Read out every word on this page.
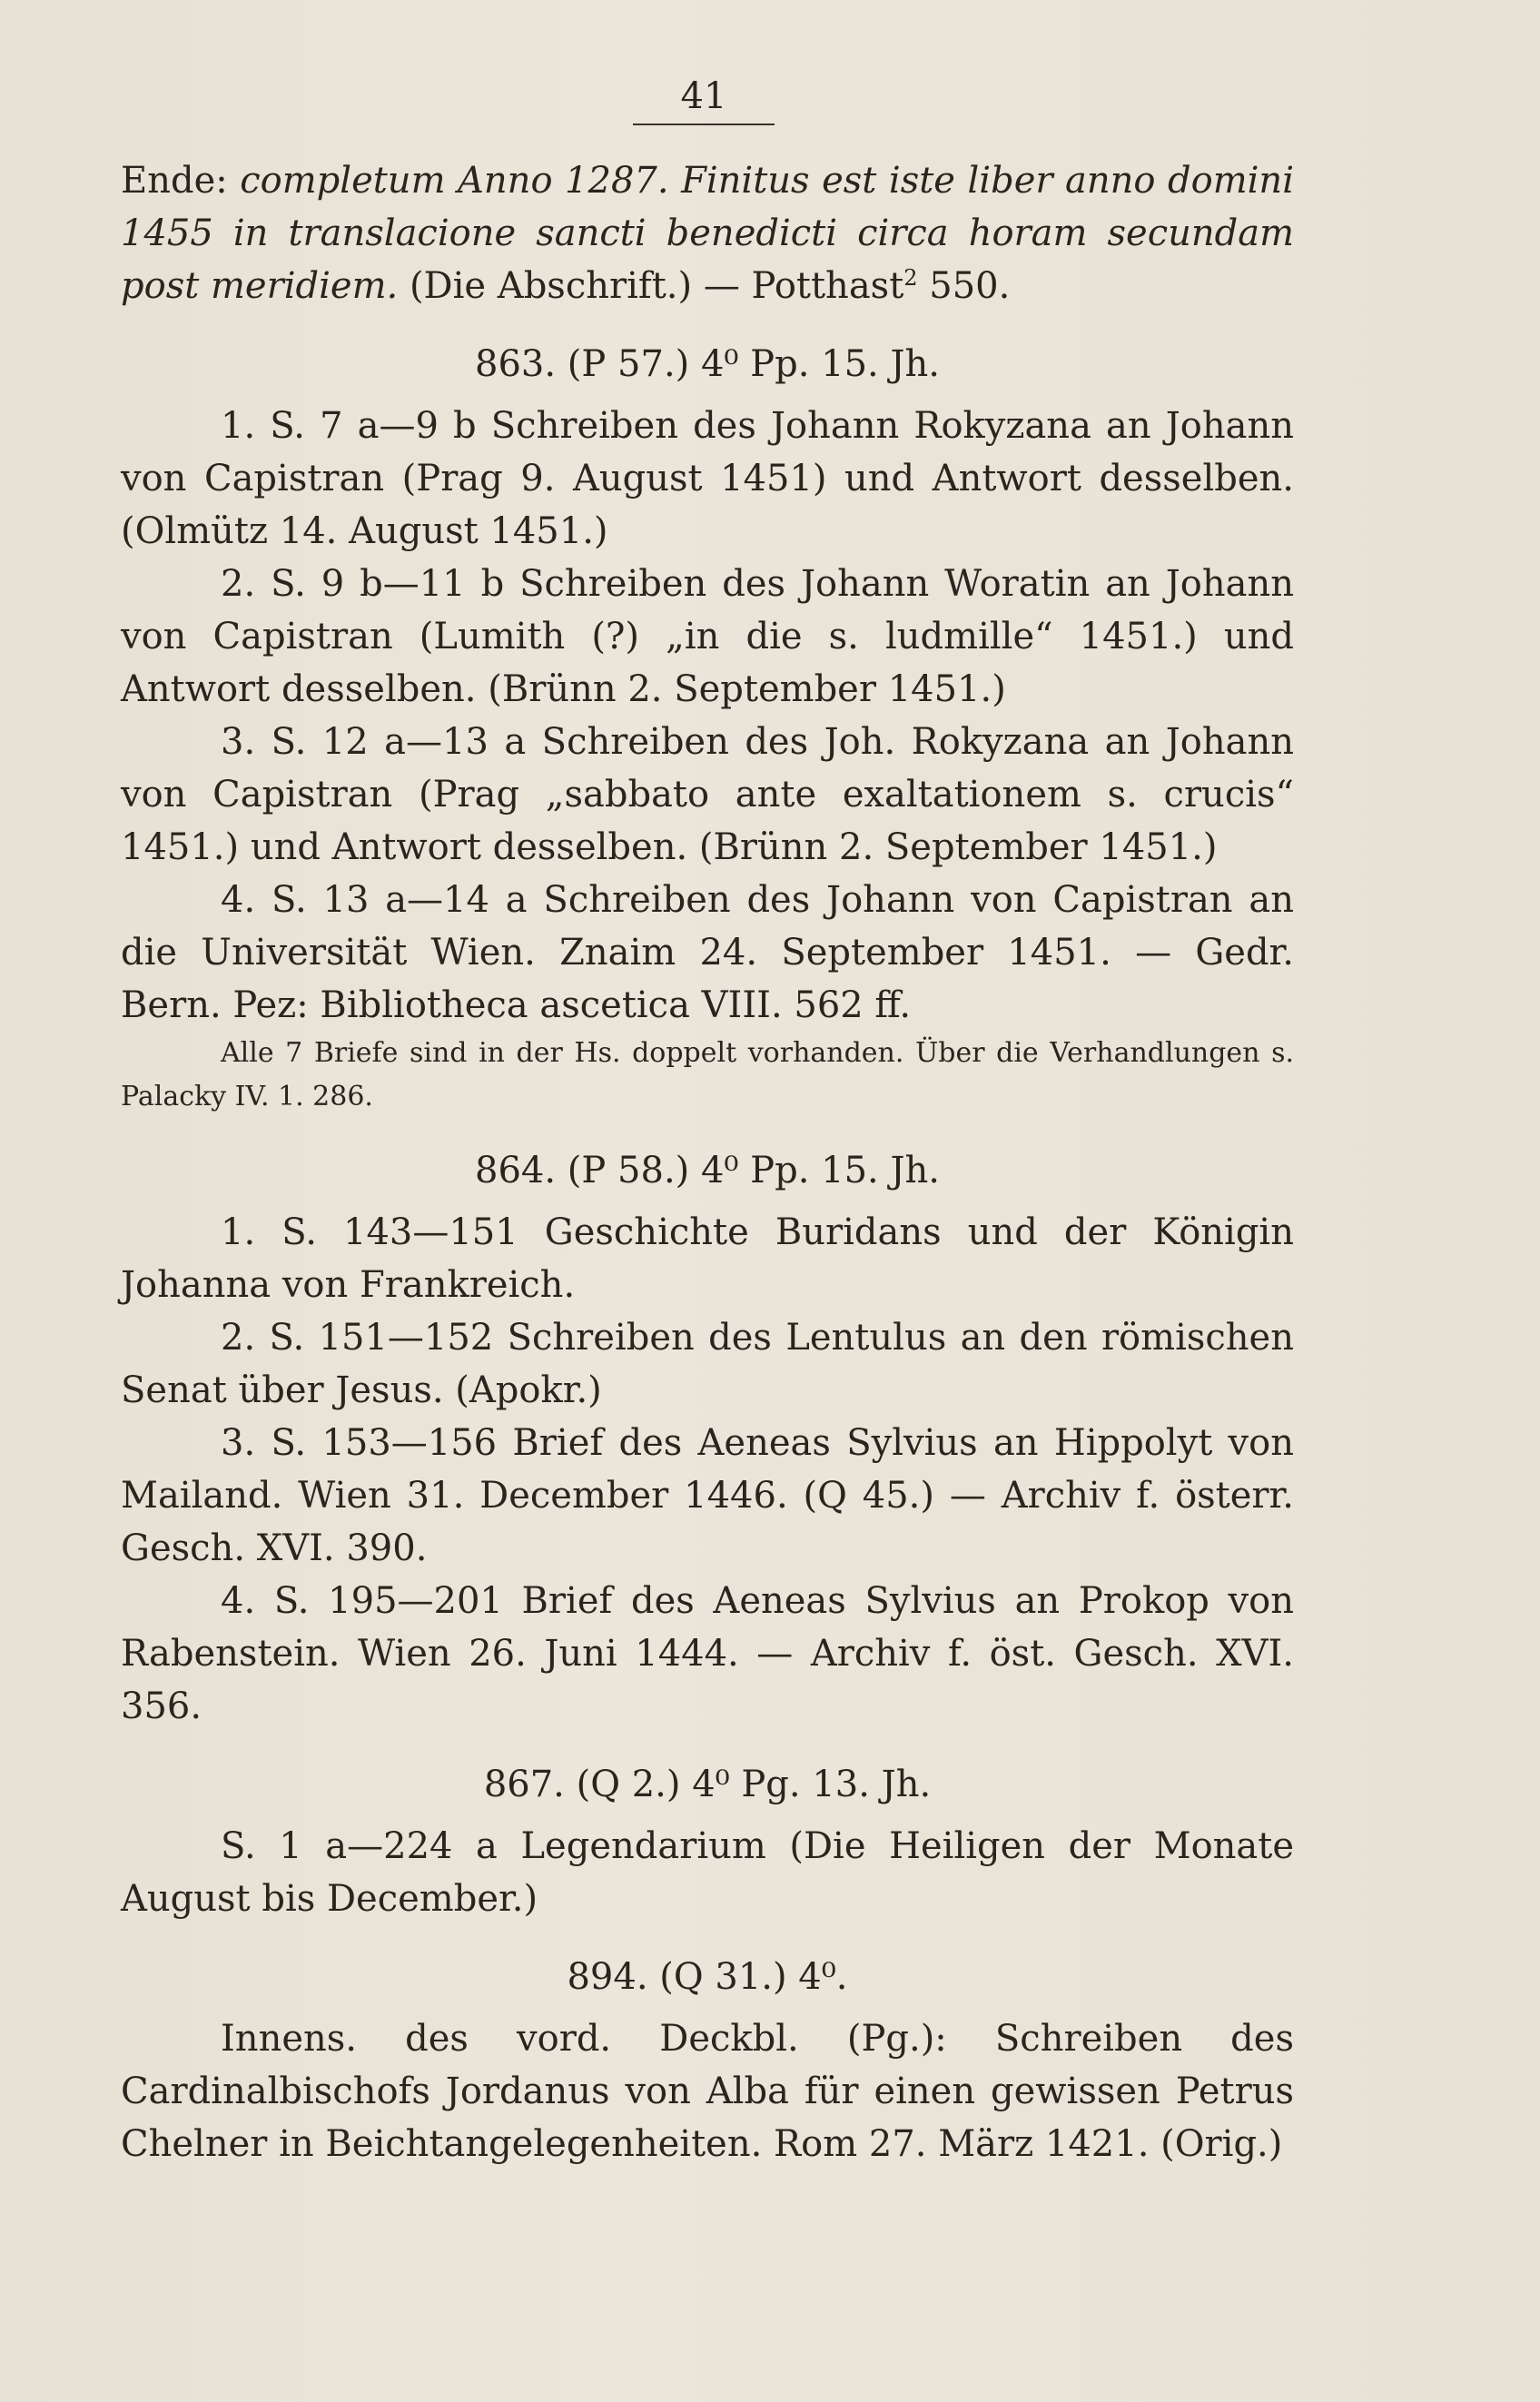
41

Ende: completum Anno 1287. Finitus est iste liber anno domini 1455 in translacione sancti benedicti circa horam secundam post meridiem. (Die Abschrift.) — Potthast$^2$ 550.

863. (P 57.) 4⁰ Pp. 15. Jh.

1. S. 7 a—9 b Schreiben des Johann Rokyzana an Johann von Capistran (Prag 9. August 1451) und Antwort desselben. (Olmütz 14. August 1451.)

2. S. 9 b—11 b Schreiben des Johann Woratin an Johann von Capistran (Lumith (?) „in die s. ludmille“ 1451.) und Antwort desselben. (Brünn 2. September 1451.)

3. S. 12 a—13 a Schreiben des Joh. Rokyzana an Johann von Capistran (Prag „sabbato ante exaltationem s. crucis“ 1451.) und Antwort desselben. (Brünn 2. September 1451.)

4. S. 13 a—14 a Schreiben des Johann von Capistran an die Universität Wien. Znaim 24. September 1451. — Gedr. Bern. Pez: Bibliotheca ascetica VIII. 562 ff.

Alle 7 Briefe sind in der Hs. doppelt vorhanden. Über die Verhandlungen s. Palacky IV. 1. 286.

864. (P 58.) 4⁰ Pp. 15. Jh.

1. S. 143—151 Geschichte Buridans und der Königin Johanna von Frankreich.

2. S. 151—152 Schreiben des Lentulus an den römischen Senat über Jesus. (Apokr.)

3. S. 153—156 Brief des Aeneas Sylvius an Hippolyt von Mailand. Wien 31. December 1446. (Q 45.) — Archiv f. österr. Gesch. XVI. 390.

4. S. 195—201 Brief des Aeneas Sylvius an Prokop von Rabenstein. Wien 26. Juni 1444. — Archiv f. öst. Gesch. XVI. 356.

867. (Q 2.) 4⁰ Pg. 13. Jh.

S. 1 a—224 a Legendarium (Die Heiligen der Monate August bis December.)

894. (Q 31.) 4⁰.

Innens. des vord. Deckbl. (Pg.): Schreiben des Cardinalbischofs Jordanus von Alba für einen gewissen Petrus Chelner in Beichtangelegenheiten. Rom 27. März 1421. (Orig.)
